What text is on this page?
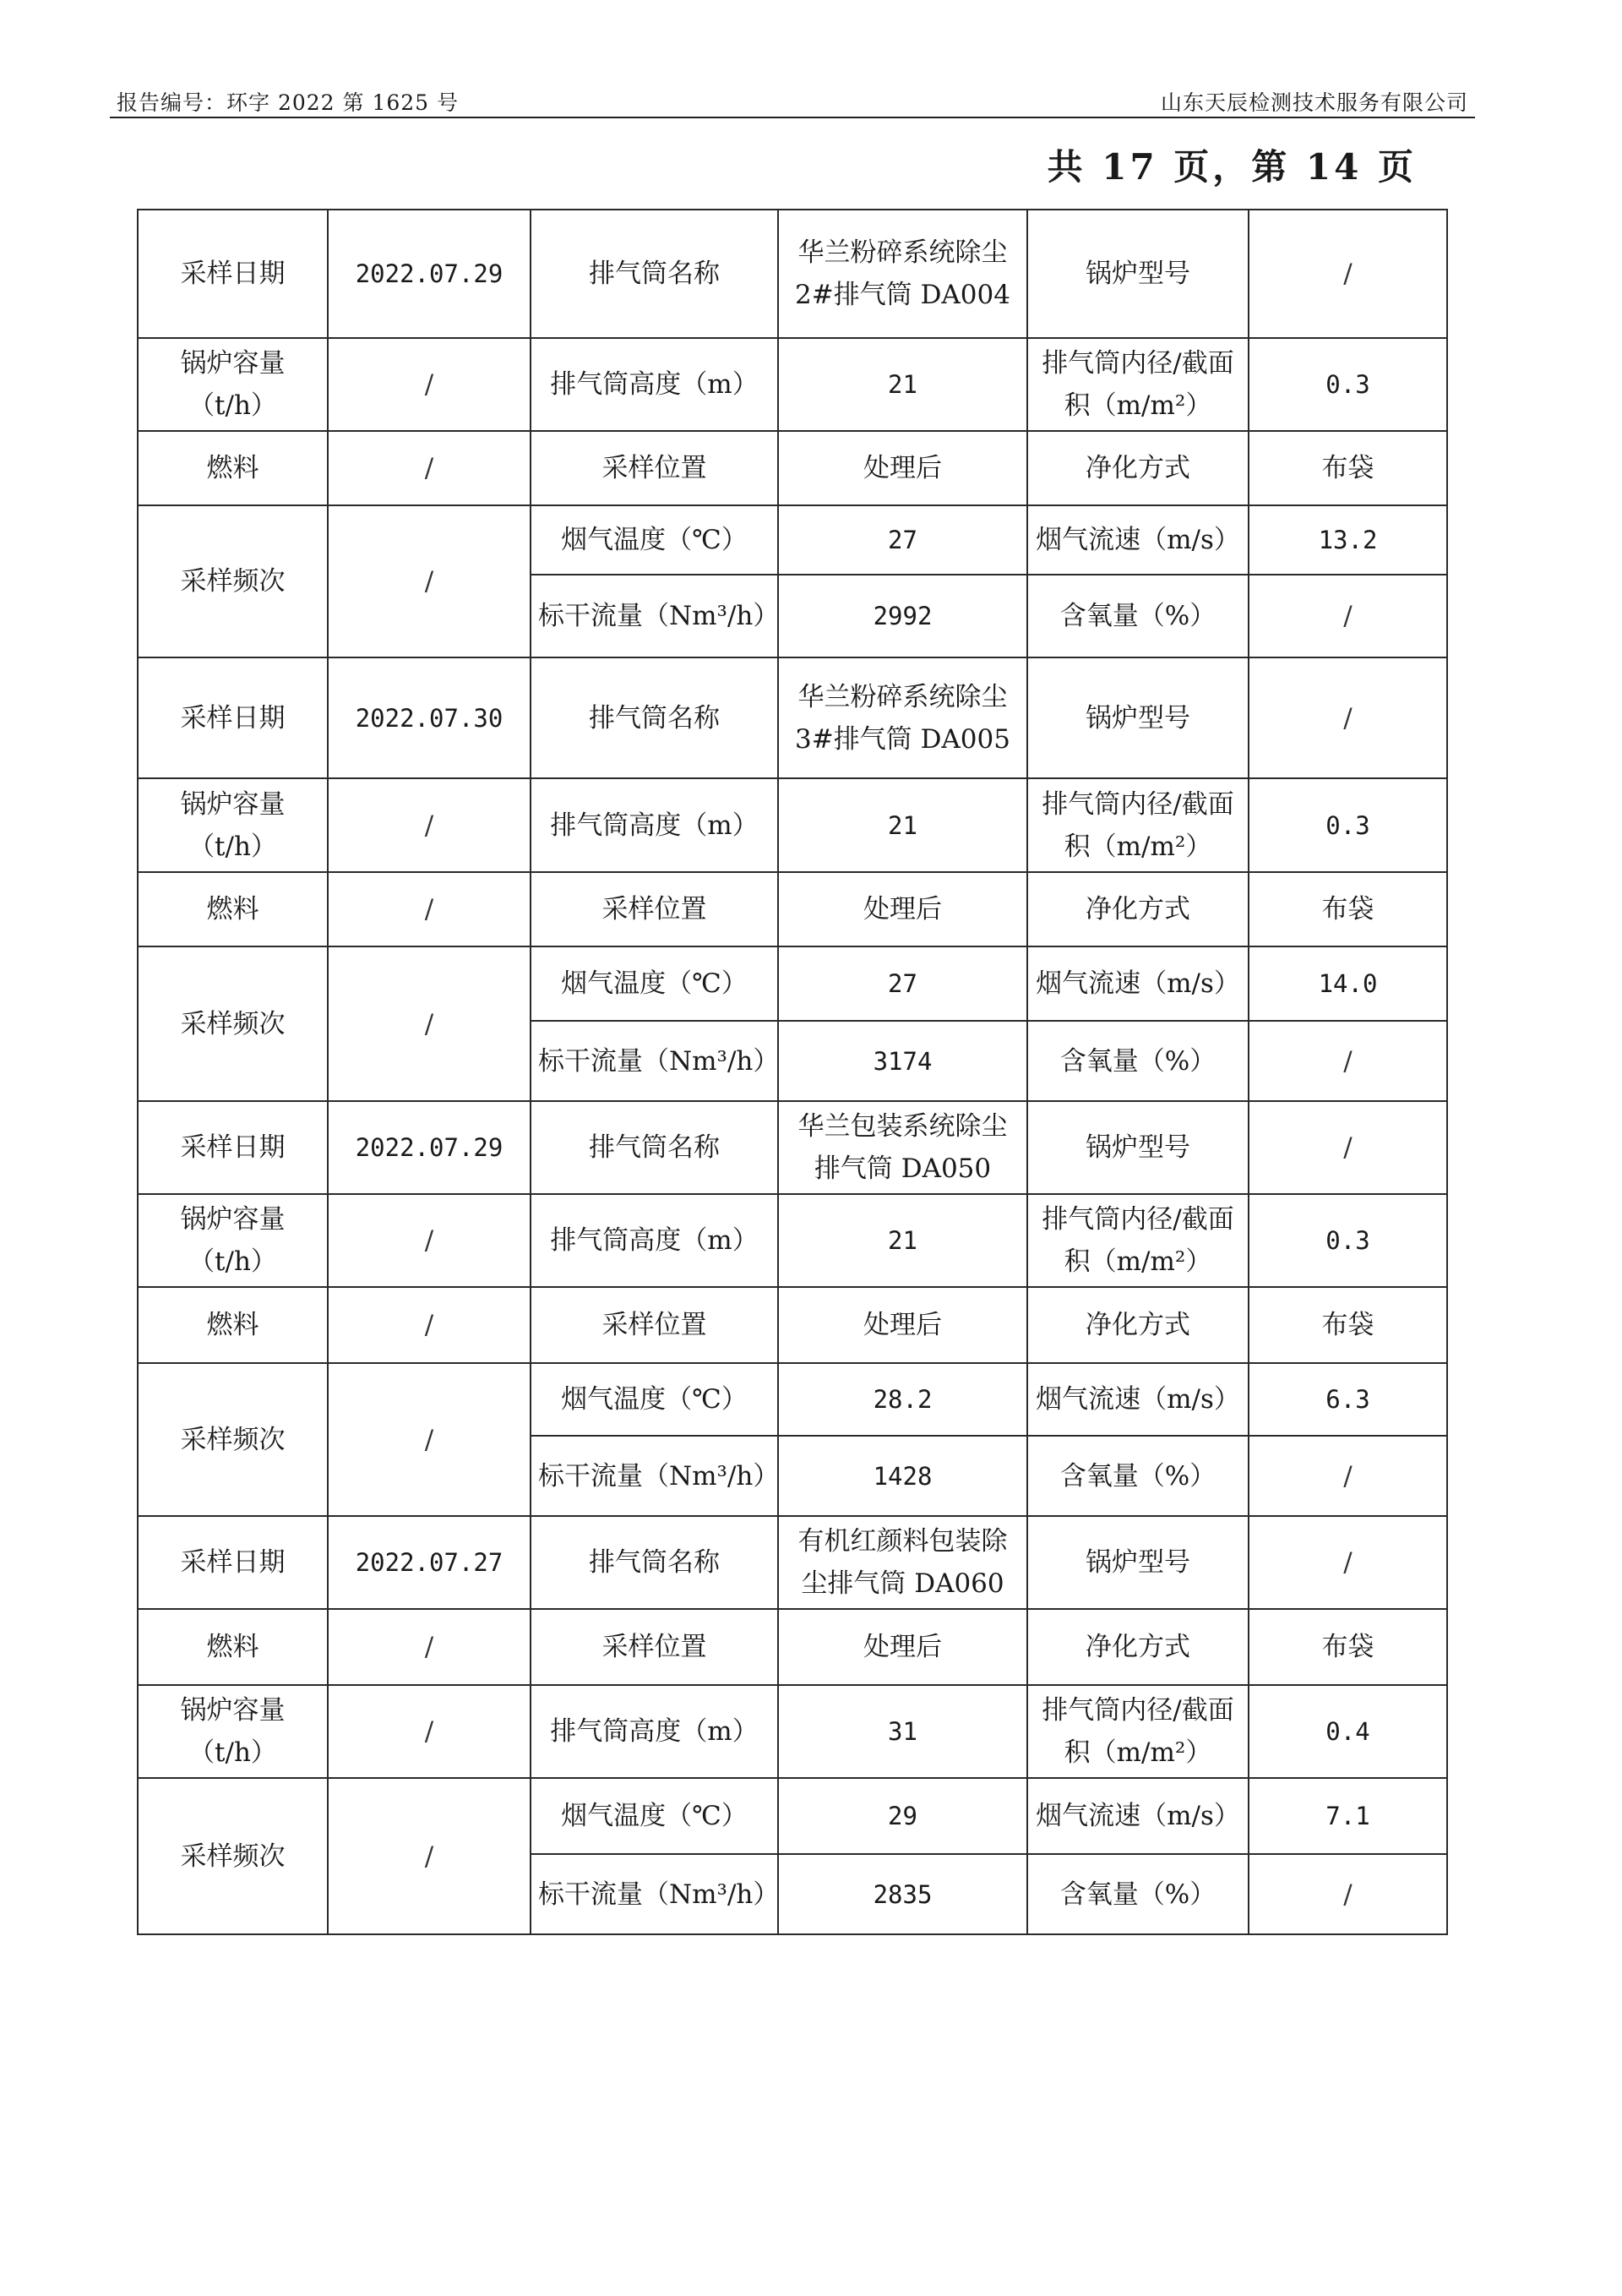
报告编号：环字 2022 第 1625 号	山东天辰检测技术服务有限公司
共 17 页，第 14 页
采样日期	2022.07.29	排气筒名称	华兰粉碎系统除尘 2#排气筒 DA004	锅炉型号	/
锅炉容量（t/h）	/	排气筒高度（m）	21	排气筒内径/截面积（m/m²）	0.3
燃料	/	采样位置	处理后	净化方式	布袋
采样频次	/	烟气温度（℃）	27	烟气流速（m/s）	13.2
		标干流量（Nm³/h）	2992	含氧量（%）	/
采样日期	2022.07.30	排气筒名称	华兰粉碎系统除尘 3#排气筒 DA005	锅炉型号	/
锅炉容量（t/h）	/	排气筒高度（m）	21	排气筒内径/截面积（m/m²）	0.3
燃料	/	采样位置	处理后	净化方式	布袋
采样频次	/	烟气温度（℃）	27	烟气流速（m/s）	14.0
		标干流量（Nm³/h）	3174	含氧量（%）	/
采样日期	2022.07.29	排气筒名称	华兰包装系统除尘排气筒 DA050	锅炉型号	/
锅炉容量（t/h）	/	排气筒高度（m）	21	排气筒内径/截面积（m/m²）	0.3
燃料	/	采样位置	处理后	净化方式	布袋
采样频次	/	烟气温度（℃）	28.2	烟气流速（m/s）	6.3
		标干流量（Nm³/h）	1428	含氧量（%）	/
采样日期	2022.07.27	排气筒名称	有机红颜料包装除尘排气筒 DA060	锅炉型号	/
燃料	/	采样位置	处理后	净化方式	布袋
锅炉容量（t/h）	/	排气筒高度（m）	31	排气筒内径/截面积（m/m²）	0.4
采样频次	/	烟气温度（℃）	29	烟气流速（m/s）	7.1
		标干流量（Nm³/h）	2835	含氧量（%）	/
